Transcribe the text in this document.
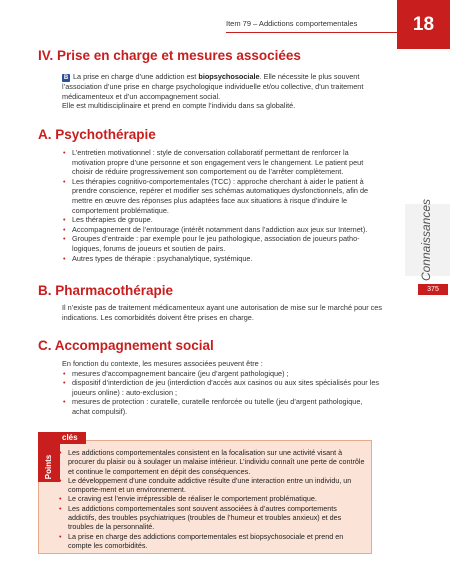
Item 79 – Addictions comportementales	18
Connaissances
375
IV. Prise en charge et mesures associées

B La prise en charge d’une addiction est biopsychosociale. Elle nécessite le plus souvent l’association d’une prise en charge psychologique individuelle et/ou collective, d’un traitement médicamenteux et d’un accompagnement social.

Elle est multidisciplinaire et prend en compte l’individu dans sa globalité.

A. Psychothérapie
• L’entretien motivationnel : style de conversation collaboratif permettant de renforcer la motivation propre d’une personne et son engagement vers le changement. Le patient peut choisir de réduire progressivement son comportement ou de l’arrêter complètement.
• Les thérapies cognitivo-comportementales (TCC) : approche cherchant à aider le patient à prendre conscience, repérer et modifier ses schémas automatiques dysfonctionnels, afin de mettre en œuvre des réponses plus adaptées face aux situations à risque d’induire le comportement problématique.
• Les thérapies de groupe.
• Accompagnement de l’entourage (intérêt notamment dans l’addiction aux jeux sur Internet).
• Groupes d’entraide : par exemple pour le jeu pathologique, association de joueurs patho-logiques, forums de joueurs et soutien de pairs.
• Autres types de thérapie : psychanalytique, systémique.
B. Pharmacothérapie
Il n’existe pas de traitement médicamenteux ayant une autorisation de mise sur le marché pour ces indications. Les comorbidités doivent être prises en charge.
C. Accompagnement social

En fonction du contexte, les mesures associées peuvent être :

• mesures d’accompagnement bancaire (jeu d’argent pathologique) ;
• dispositif d’interdiction de jeu (interdiction d’accès aux casinos ou aux sites spécialisés pour les joueurs online) : auto-exclusion ;
• mesures de protection : curatelle, curatelle renforcée ou tutelle (jeu d’argent pathologique, achat compulsif).
clés
Points
• Les addictions comportementales consistent en la focalisation sur une activité visant à procurer du plaisir ou à soulager un malaise intérieur. L’individu connaît une perte de contrôle et continue le comportement en dépit des conséquences.
• Le développement d’une conduite addictive résulte d’une interaction entre un individu, un comporte-ment et un environnement.
• Le craving est l’envie irrépressible de réaliser le comportement problématique.
• Les addictions comportementales sont souvent associées à d’autres comportements addictifs, des troubles psychiatriques (troubles de l’humeur et troubles anxieux) et des troubles de la personnalité.
• La prise en charge des addictions comportementales est biopsychosociale et prend en compte les comorbidités.
